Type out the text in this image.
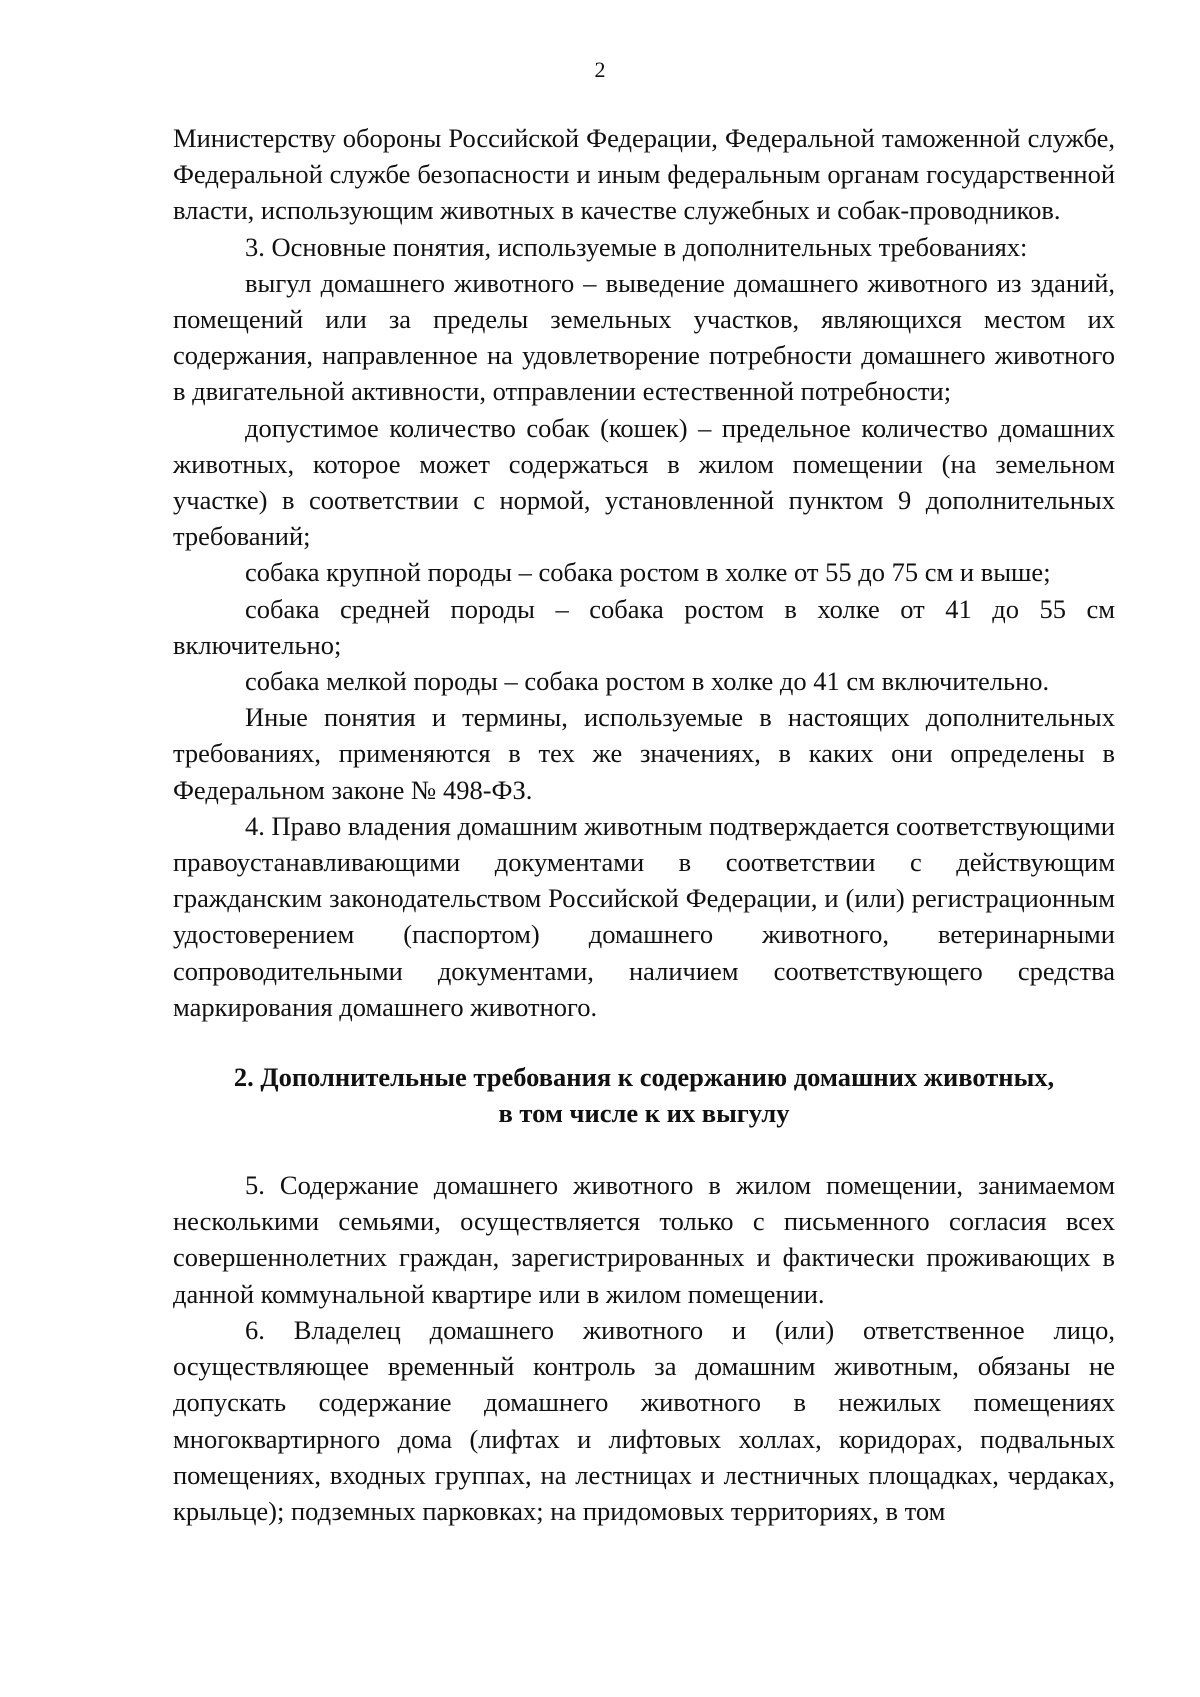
2

Министерству обороны Российской Федерации, Федеральной таможенной службе, Федеральной службе безопасности и иным федеральным органам государственной власти, использующим животных в качестве служебных и собак-проводников.

3. Основные понятия, используемые в дополнительных требованиях:

выгул домашнего животного – выведение домашнего животного из зданий, помещений или за пределы земельных участков, являющихся местом их содержания, направленное на удовлетворение потребности домашнего животного в двигательной активности, отправлении естественной потребности;

допустимое количество собак (кошек) – предельное количество домашних животных, которое может содержаться в жилом помещении (на земельном участке) в соответствии с нормой, установленной пунктом 9 дополнительных требований;

собака крупной породы – собака ростом в холке от 55 до 75 см и выше;

собака средней породы – собака ростом в холке от 41 до 55 см включительно;

собака мелкой породы – собака ростом в холке до 41 см включительно.

Иные понятия и термины, используемые в настоящих дополнительных требованиях, применяются в тех же значениях, в каких они определены в Федеральном законе № 498-ФЗ.

4. Право владения домашним животным подтверждается соответствующими правоустанавливающими документами в соответствии с действующим гражданским законодательством Российской Федерации, и (или) регистрационным удостоверением (паспортом) домашнего животного, ветеринарными сопроводительными документами, наличием соответствующего средства маркирования домашнего животного.

2. Дополнительные требования к содержанию домашних животных,
в том числе к их выгулу

5. Содержание домашнего животного в жилом помещении, занимаемом несколькими семьями, осуществляется только с письменного согласия всех совершеннолетних граждан, зарегистрированных и фактически проживающих в данной коммунальной квартире или в жилом помещении.

6. Владелец домашнего животного и (или) ответственное лицо, осуществляющее временный контроль за домашним животным, обязаны не допускать содержание домашнего животного в нежилых помещениях многоквартирного дома (лифтах и лифтовых холлах, коридорах, подвальных помещениях, входных группах, на лестницах и лестничных площадках, чердаках, крыльце); подземных парковках; на придомовых территориях, в том
